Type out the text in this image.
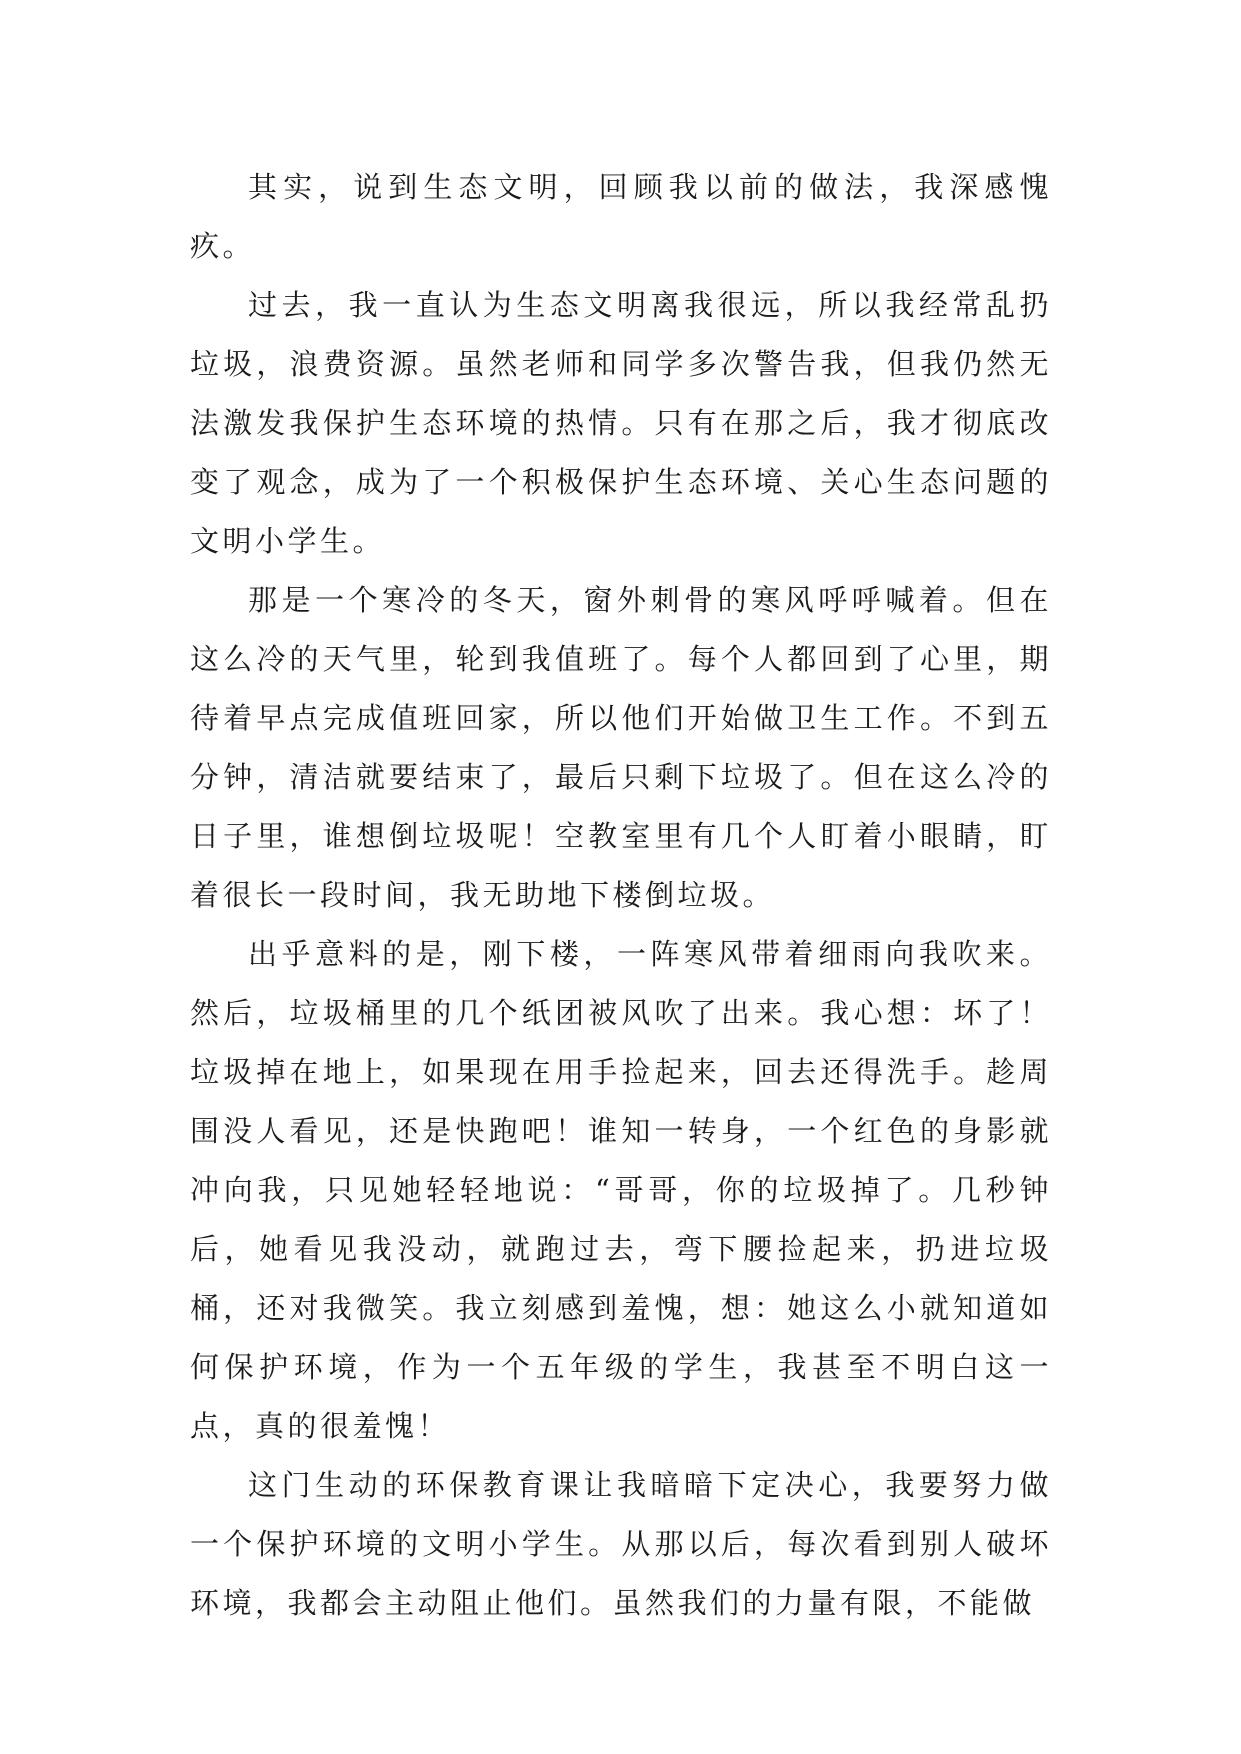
其实，说到生态文明，回顾我以前的做法，我深感愧疚。

过去，我一直认为生态文明离我很远，所以我经常乱扔垃圾，浪费资源。虽然老师和同学多次警告我，但我仍然无法激发我保护生态环境的热情。只有在那之后，我才彻底改变了观念，成为了一个积极保护生态环境、关心生态问题的文明小学生。

那是一个寒冷的冬天，窗外刺骨的寒风呼呼喊着。但在这么冷的天气里，轮到我值班了。每个人都回到了心里，期待着早点完成值班回家，所以他们开始做卫生工作。不到五分钟，清洁就要结束了，最后只剩下垃圾了。但在这么冷的日子里，谁想倒垃圾呢！空教室里有几个人盯着小眼睛，盯着很长一段时间，我无助地下楼倒垃圾。

出乎意料的是，刚下楼，一阵寒风带着细雨向我吹来。然后，垃圾桶里的几个纸团被风吹了出来。我心想：坏了！垃圾掉在地上，如果现在用手捡起来，回去还得洗手。趁周围没人看见，还是快跑吧！谁知一转身，一个红色的身影就冲向我，只见她轻轻地说：“哥哥，你的垃圾掉了。几秒钟后，她看见我没动，就跑过去，弯下腰捡起来，扔进垃圾桶，还对我微笑。我立刻感到羞愧，想：她这么小就知道如何保护环境，作为一个五年级的学生，我甚至不明白这一点，真的很羞愧！

这门生动的环保教育课让我暗暗下定决心，我要努力做一个保护环境的文明小学生。从那以后，每次看到别人破坏环境，我都会主动阻止他们。虽然我们的力量有限，不能做
